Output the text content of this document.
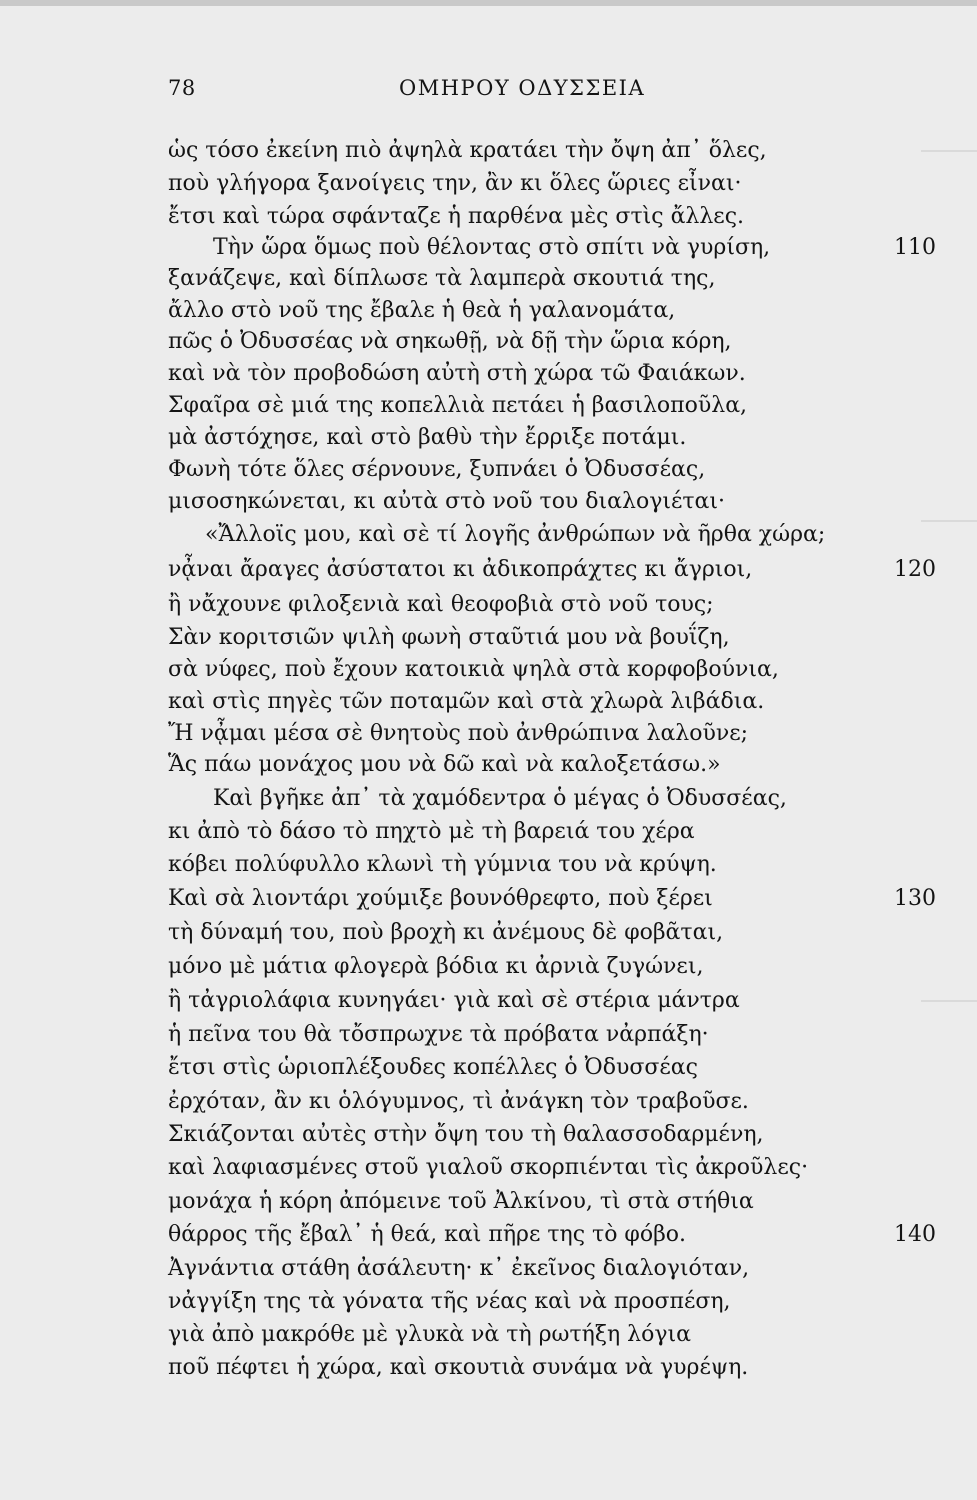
78	ΟΜΗΡΟΥ ΟΔΥΣΣΕΙΑ
ὡς τόσο ἐκείνη πιὸ ἀψηλὰ κρατάει τὴν ὄψη ἀπ᾽ ὅλες,
ποὺ γλήγορα ξανοίγεις την, ἂν κι ὅλες ὥριες εἶναι·
ἔτσι καὶ τώρα σφάνταζε ἡ παρθένα μὲς στὶς ἄλλες.
Τὴν ὥρα ὅμως ποὺ θέλοντας στὸ σπίτι νὰ γυρίση,
ξανάζεψε, καὶ δίπλωσε τὰ λαμπερὰ σκουτιά της,
ἄλλο στὸ νοῦ της ἔβαλε ἡ θεὰ ἡ γαλανομάτα,
πῶς ὁ Ὀδυσσέας νὰ σηκωθῇ, νὰ δῇ τὴν ὥρια κόρη,
καὶ νὰ τὸν προβοδώση αὐτὴ στὴ χώρα τῶ Φαιάκων.
Σφαῖρα σὲ μιά της κοπελλιὰ πετάει ἡ βασιλοποῦλα,
μὰ ἀστόχησε, καὶ στὸ βαθὺ τὴν ἔρριξε ποτάμι.
Φωνὴ τότε ὅλες σέρνουνε, ξυπνάει ὁ Ὀδυσσέας,
μισοσηκώνεται, κι αὐτὰ στὸ νοῦ του διαλογιέται·
«Ἄλλοϊς μου, καὶ σὲ τί λογῆς ἀνθρώπων νὰ ῆρθα χώρα;
νᾆναι ἄραγες ἀσύστατοι κι ἀδικοπράχτες κι ἄγριοι,
ἢ νἄχουνε φιλοξενιὰ καὶ θεοφοβιὰ στὸ νοῦ τους;
Σὰν κοριτσιῶν ψιλὴ φωνὴ σταῦτιά μου νὰ βουΐζη,
σὰ νύφες, ποὺ ἔχουν κατοικιὰ ψηλὰ στὰ κορφοβούνια,
καὶ στὶς πηγὲς τῶν ποταμῶν καὶ στὰ χλωρὰ λιβάδια.
Ἤ νᾆμαι μέσα σὲ θνητοὺς ποὺ ἀνθρώπινα λαλοῦνε;
Ἅς πάω μονάχος μου νὰ δῶ καὶ νὰ καλοξετάσω.»
Καὶ βγῆκε ἀπ᾽ τὰ χαμόδεντρα ὁ μέγας ὁ Ὀδυσσέας,
κι ἀπὸ τὸ δάσο τὸ πηχτὸ μὲ τὴ βαρειά του χέρα
κόβει πολύφυλλο κλωνὶ τὴ γύμνια του νὰ κρύψη.
Καὶ σὰ λιοντάρι χούμιξε βουνόθρεφτο, ποὺ ξέρει
τὴ δύναμή του, ποὺ βροχὴ κι ἀνέμους δὲ φοβᾶται,
μόνο μὲ μάτια φλογερὰ βόδια κι ἀρνιὰ ζυγώνει,
ἢ τἀγριολάφια κυνηγάει· γιὰ καὶ σὲ στέρια μάντρα
ἡ πεῖνα του θὰ τὄσπρωχνε τὰ πρόβατα νἀρπάξη·
ἔτσι στὶς ὡριοπλέξουδες κοπέλλες ὁ Ὀδυσσέας
ἐρχόταν, ἂν κι ὁλόγυμνος, τὶ ἀνάγκη τὸν τραβοῦσε.
Σκιάζονται αὐτὲς στὴν ὄψη του τὴ θαλασσοδαρμένη,
καὶ λαφιασμένες στοῦ γιαλοῦ σκορπιένται τὶς ἀκροῦλες·
μονάχα ἡ κόρη ἀπόμεινε τοῦ Ἀλκίνου, τὶ στὰ στήθια
θάρρος τῆς ἔβαλ᾽ ἡ θεά, καὶ πῆρε της τὸ φόβο.
Ἀγνάντια στάθη ἀσάλευτη· κ᾽ ἐκεῖνος διαλογιόταν,
νἀγγίξη της τὰ γόνατα τῆς νέας καὶ νὰ προσπέση,
γιὰ ἀπὸ μακρόθε μὲ γλυκὰ νὰ τὴ ρωτήξη λόγια
ποῦ πέφτει ἡ χώρα, καὶ σκουτιὰ συνάμα νὰ γυρέψη.
110
120
130
140
